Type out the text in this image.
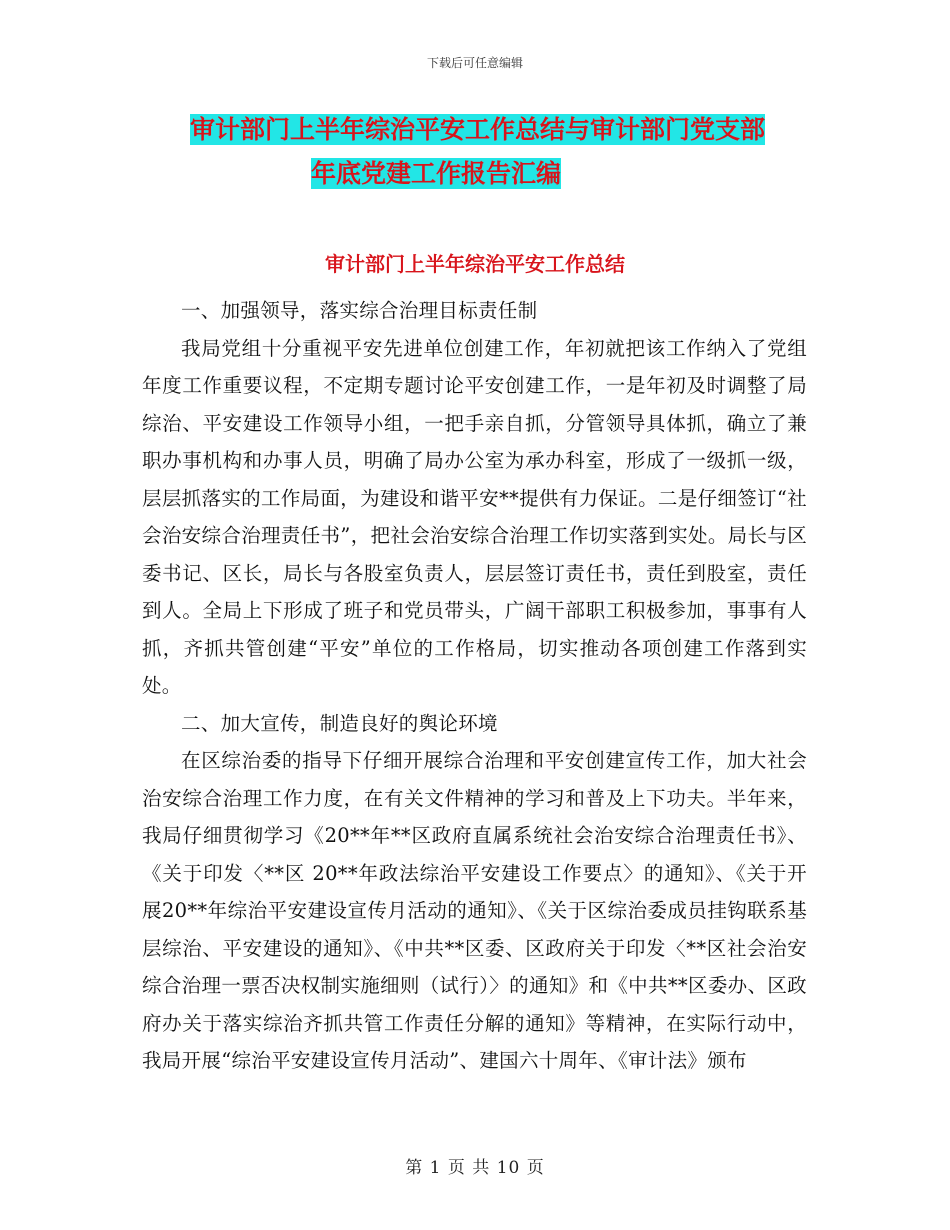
下载后可任意编辑
审计部门上半年综治平安工作总结与审计部门党支部
年底党建工作报告汇编
审计部门上半年综治平安工作总结

一、加强领导，落实综合治理目标责任制

我局党组十分重视平安先进单位创建工作，年初就把该工作纳入了党组年度工作重要议程，不定期专题讨论平安创建工作，一是年初及时调整了局综治、平安建设工作领导小组，一把手亲自抓，分管领导具体抓，确立了兼职办事机构和办事人员，明确了局办公室为承办科室，形成了一级抓一级，层层抓落实的工作局面，为建设和谐平安**提供有力保证。二是仔细签订“社会治安综合治理责任书”，把社会治安综合治理工作切实落到实处。局长与区委书记、区长，局长与各股室负责人，层层签订责任书，责任到股室，责任到人。全局上下形成了班子和党员带头，广阔干部职工积极参加，事事有人抓，齐抓共管创建“平安”单位的工作格局，切实推动各项创建工作落到实处。

二、加大宣传，制造良好的舆论环境

在区综治委的指导下仔细开展综合治理和平安创建宣传工作，加大社会治安综合治理工作力度，在有关文件精神的学习和普及上下功夫。半年来，我局仔细贯彻学习《20**年**区政府直属系统社会治安综合治理责任书》、《关于印发〈**区 20**年政法综治平安建设工作要点〉的通知》、《关于开展20**年综治平安建设宣传月活动的通知》、《关于区综治委成员挂钩联系基层综治、平安建设的通知》、《中共**区委、区政府关于印发〈**区社会治安综合治理一票否决权制实施细则（试行）〉的通知》和《中共**区委办、区政府办关于落实综治齐抓共管工作责任分解的通知》等精神，在实际行动中，我局开展“综治平安建设宣传月活动”、建国六十周年、《审计法》颁布

第 1 页 共 10 页
